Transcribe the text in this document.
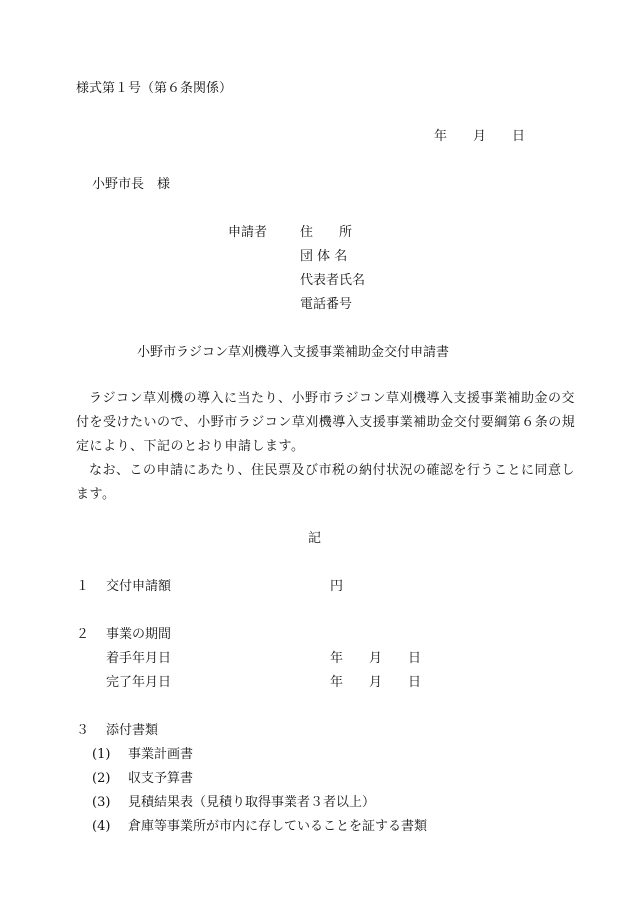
様式第１号（第６条関係）
年　　月　　日
小野市長　様
申請者	住　　所
団 体 名
代表者氏名
電話番号
小野市ラジコン草刈機導入支援事業補助金交付申請書

ラジコン草刈機の導入に当たり、小野市ラジコン草刈機導入支援事業補助金の交付を受けたいので、小野市ラジコン草刈機導入支援事業補助金交付要綱第６条の規定により、下記のとおり申請します。

なお、この申請にあたり、住民票及び市税の納付状況の確認を行うことに同意します。

記
１ 交付申請額	円
２ 事業の期間
着手年月日	年　　月　　日
完了年月日	年　　月　　日
３ 添付書類
(1) 事業計画書
(2) 収支予算書
(3) 見積結果表（見積り取得事業者３者以上）
(4) 倉庫等事業所が市内に存していることを証する書類
